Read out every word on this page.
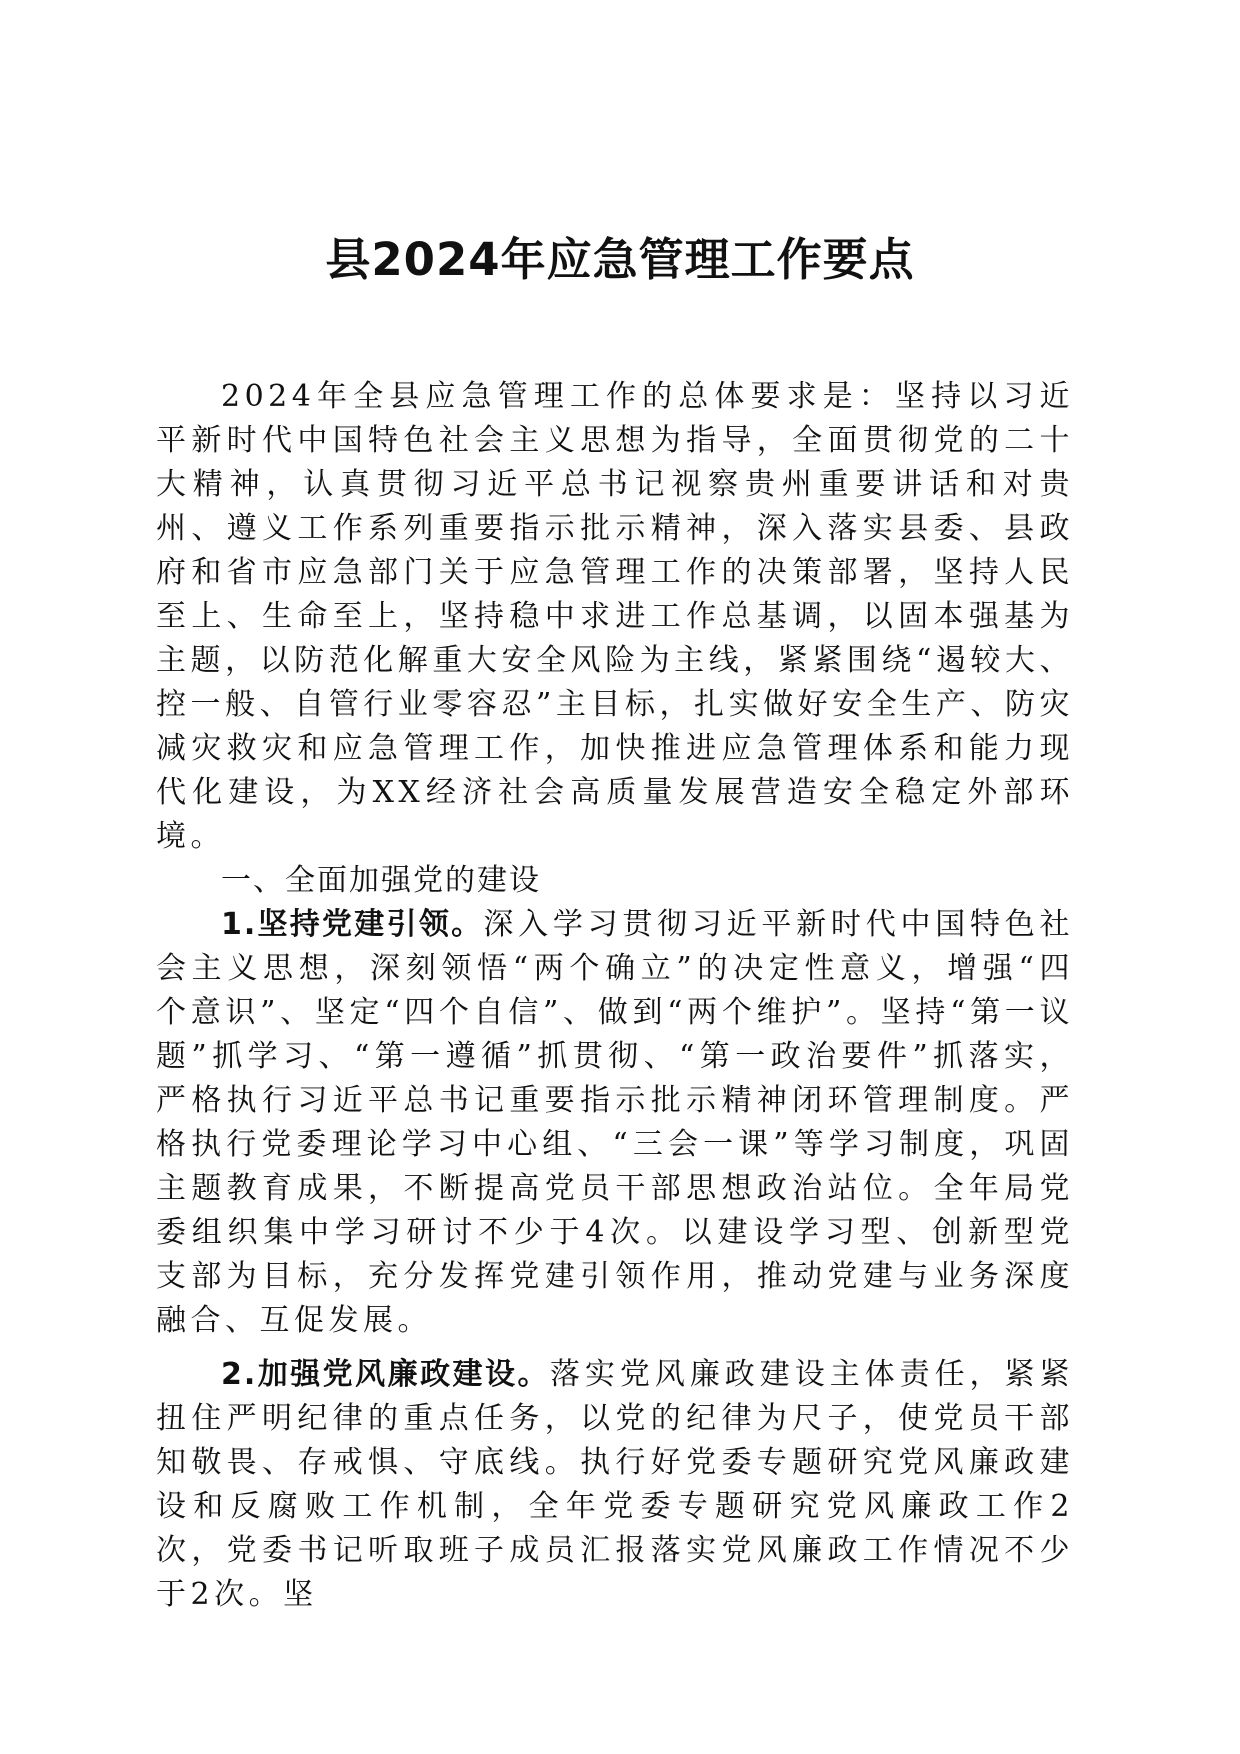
县2024年应急管理工作要点

2024年全县应急管理工作的总体要求是：坚持以习近平新时代中国特色社会主义思想为指导，全面贯彻党的二十大精神，认真贯彻习近平总书记视察贵州重要讲话和对贵州、遵义工作系列重要指示批示精神，深入落实县委、县政府和省市应急部门关于应急管理工作的决策部署，坚持人民至上、生命至上，坚持稳中求进工作总基调，以固本强基为主题，以防范化解重大安全风险为主线，紧紧围绕“遏较大、控一般、自管行业零容忍”主目标，扎实做好安全生产、防灾减灾救灾和应急管理工作，加快推进应急管理体系和能力现代化建设，为XX经济社会高质量发展营造安全稳定外部环境。

一、全面加强党的建设

1.坚持党建引领。深入学习贯彻习近平新时代中国特色社会主义思想，深刻领悟“两个确立”的决定性意义，增强“四个意识”、坚定“四个自信”、做到“两个维护”。坚持“第一议题”抓学习、“第一遵循”抓贯彻、“第一政治要件”抓落实，严格执行习近平总书记重要指示批示精神闭环管理制度。严格执行党委理论学习中心组、“三会一课”等学习制度，巩固主题教育成果，不断提高党员干部思想政治站位。全年局党委组织集中学习研讨不少于4次。以建设学习型、创新型党支部为目标，充分发挥党建引领作用，推动党建与业务深度融合、互促发展。

2.加强党风廉政建设。落实党风廉政建设主体责任，紧紧扭住严明纪律的重点任务，以党的纪律为尺子，使党员干部知敬畏、存戒惧、守底线。执行好党委专题研究党风廉政建设和反腐败工作机制，全年党委专题研究党风廉政工作2次，党委书记听取班子成员汇报落实党风廉政工作情况不少于2次。坚
